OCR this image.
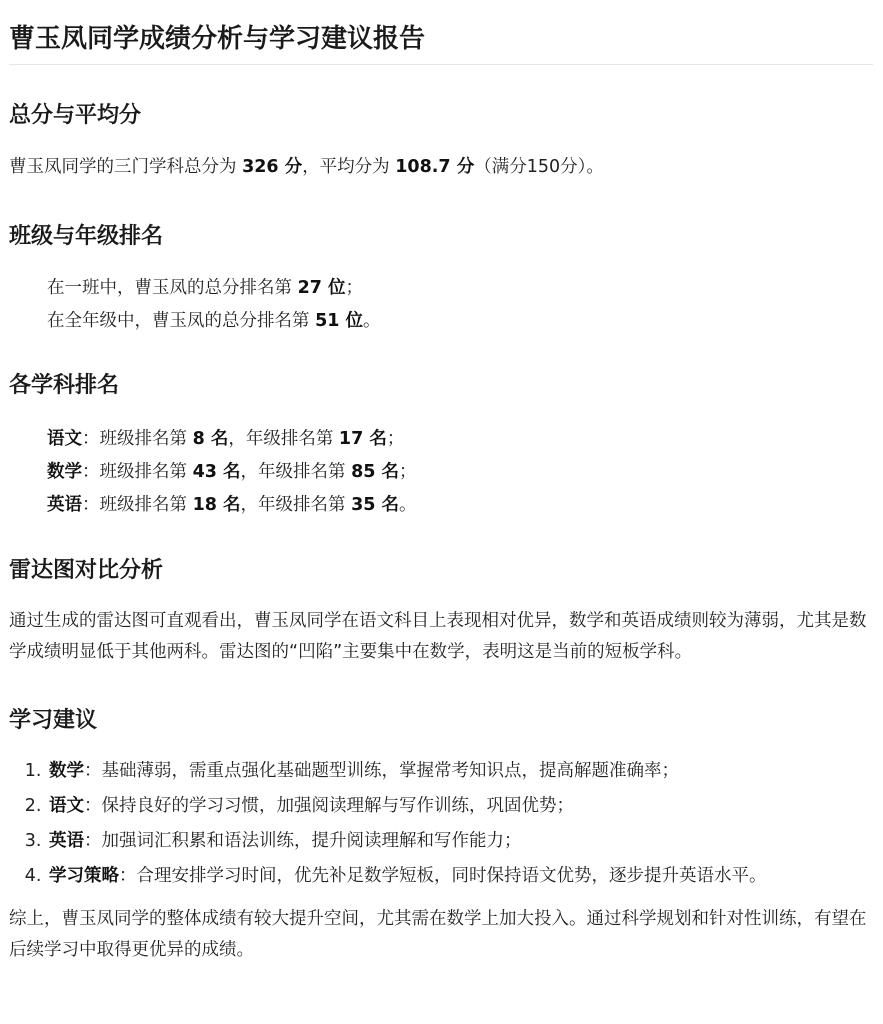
曹玉凤同学成绩分析与学习建议报告
总分与平均分

曹玉凤同学的三门学科总分为 326 分，平均分为 108.7 分（满分150分）。

班级与年级排名
在一班中，曹玉凤的总分排名第 27 位；
在全年级中，曹玉凤的总分排名第 51 位。
各学科排名
语文：班级排名第 8 名，年级排名第 17 名；
数学：班级排名第 43 名，年级排名第 85 名；
英语：班级排名第 18 名，年级排名第 35 名。
雷达图对比分析

通过生成的雷达图可直观看出，曹玉凤同学在语文科目上表现相对优异，数学和英语成绩则较为薄弱，尤其是数学成绩明显低于其他两科。雷达图的“凹陷”主要集中在数学，表明这是当前的短板学科。

学习建议
1. 数学：基础薄弱，需重点强化基础题型训练，掌握常考知识点，提高解题准确率；
2. 语文：保持良好的学习习惯，加强阅读理解与写作训练，巩固优势；
3. 英语：加强词汇积累和语法训练，提升阅读理解和写作能力；
4. 学习策略：合理安排学习时间，优先补足数学短板，同时保持语文优势，逐步提升英语水平。

综上，曹玉凤同学的整体成绩有较大提升空间，尤其需在数学上加大投入。通过科学规划和针对性训练，有望在后续学习中取得更优异的成绩。
